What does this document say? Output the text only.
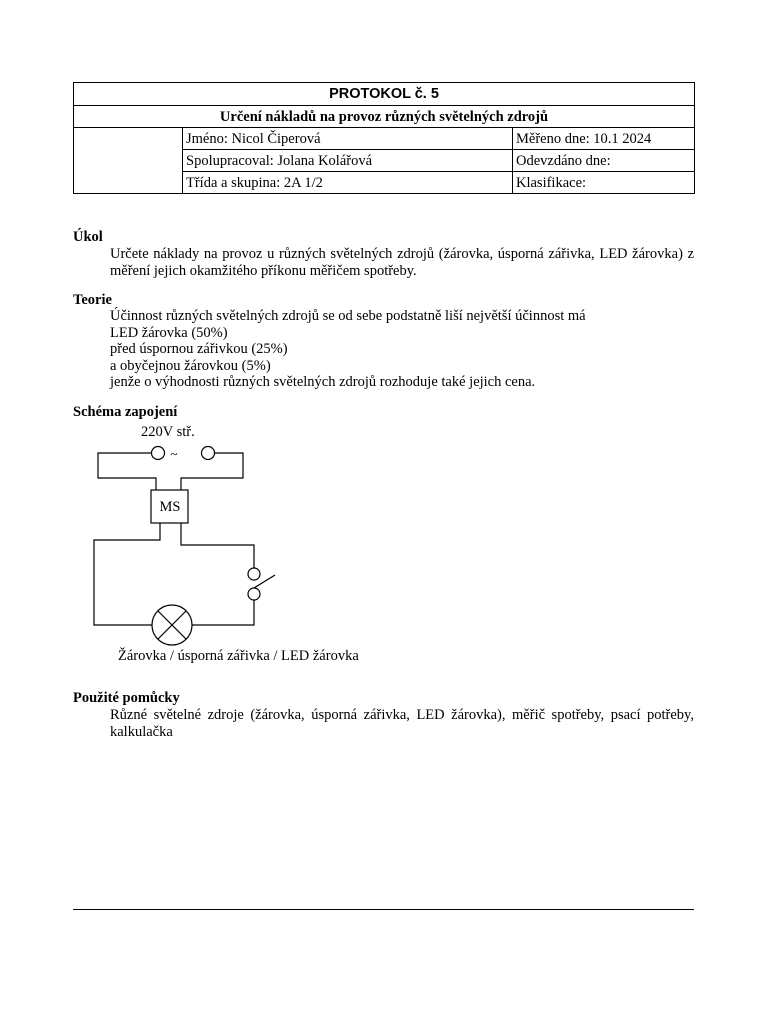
PROTOKOL č. 5		
Určení nákladů na provoz různých světelných zdrojů		
	Jméno: Nicol Čiperová	Měřeno dne: 10.1 2024
	Spolupracoval: Jolana Kolářová	Odevzdáno dne:
	Třída a skupina: 2A 1/2	Klasifikace:

Úkol

Určete náklady na provoz u různých světelných zdrojů (žárovka, úsporná zářivka, LED žárovka) z měření jejich okamžitého příkonu měřičem spotřeby.

Teorie

Účinnost různých světelných zdrojů se od sebe podstatně liší největší účinnost má
LED žárovka (50%)
před úspornou zářivkou (25%)
a obyčejnou žárovkou (5%)
jenže o výhodnosti různých světelných zdrojů rozhoduje také jejich cena.

Schéma zapojení

220V stř.
~
MS
Žárovka / úsporná zářivka / LED žárovka

Použité pomůcky

Různé světelné zdroje (žárovka, úsporná zářivka, LED žárovka), měřič spotřeby, psací potřeby, kalkulačka
